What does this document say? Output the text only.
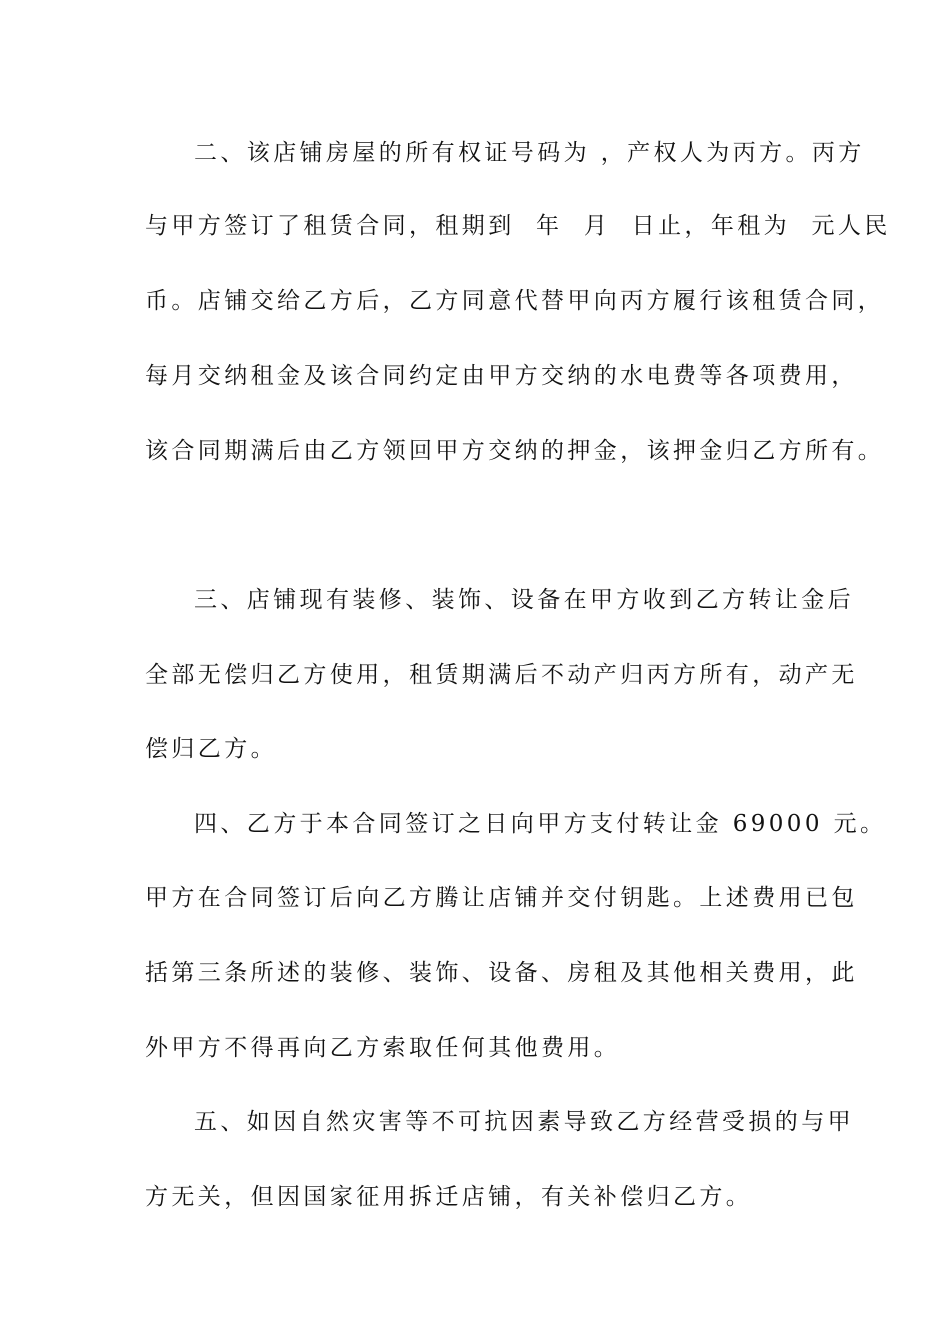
二、该店铺房屋的所有权证号码为 ，产权人为丙方。丙方
与甲方签订了租赁合同，租期到  年  月  日止，年租为  元人民
币。店铺交给乙方后，乙方同意代替甲向丙方履行该租赁合同，
每月交纳租金及该合同约定由甲方交纳的水电费等各项费用，
该合同期满后由乙方领回甲方交纳的押金，该押金归乙方所有。
三、店铺现有装修、装饰、设备在甲方收到乙方转让金后
全部无偿归乙方使用，租赁期满后不动产归丙方所有，动产无
偿归乙方。
四、乙方于本合同签订之日向甲方支付转让金 69000 元。
甲方在合同签订后向乙方腾让店铺并交付钥匙。上述费用已包
括第三条所述的装修、装饰、设备、房租及其他相关费用，此
外甲方不得再向乙方索取任何其他费用。
五、如因自然灾害等不可抗因素导致乙方经营受损的与甲
方无关，但因国家征用拆迁店铺，有关补偿归乙方。
